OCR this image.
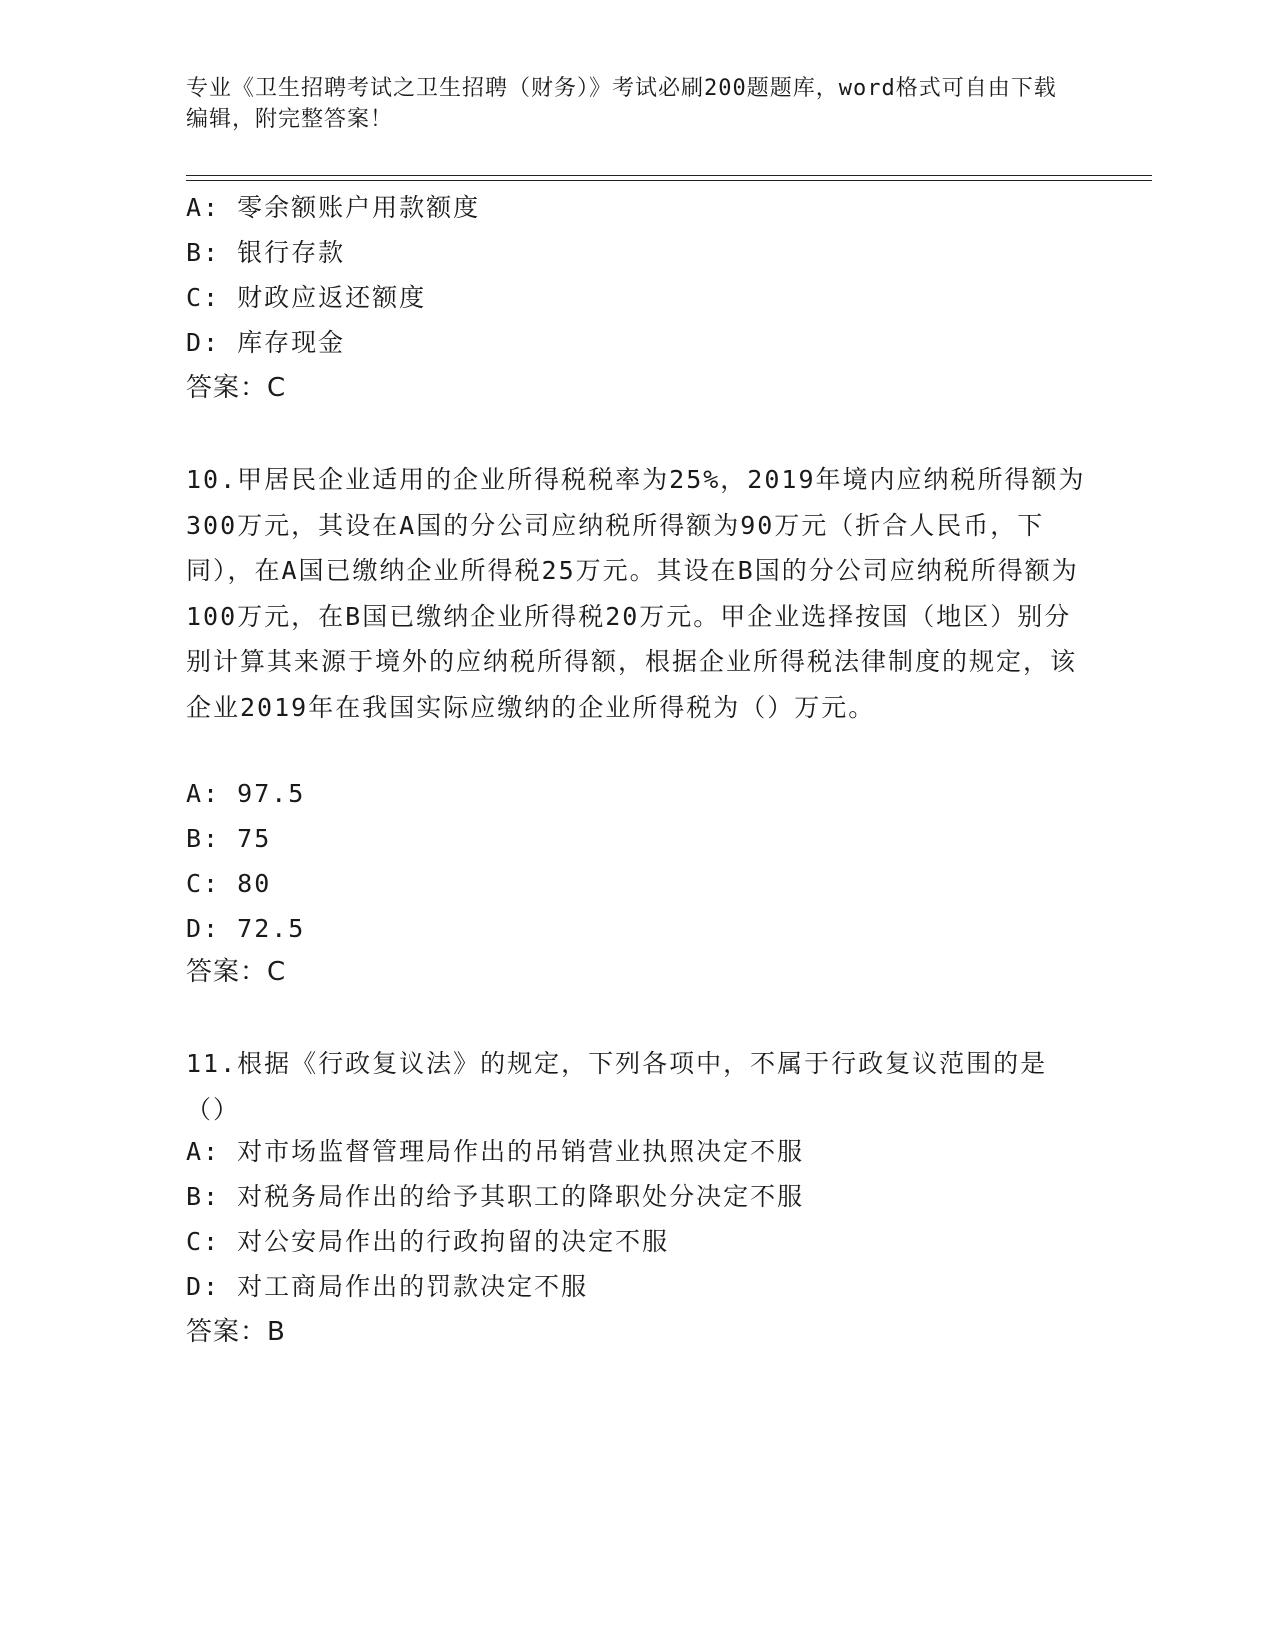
专业《卫生招聘考试之卫生招聘（财务）》考试必刷200题题库，word格式可自由下载编辑，附完整答案！
A: 零余额账户用款额度
B: 银行存款
C: 财政应返还额度
D: 库存现金
答案：C
10.甲居民企业适用的企业所得税税率为25%，2019年境内应纳税所得额为300万元，其设在A国的分公司应纳税所得额为90万元（折合人民币，下同），在A国已缴纳企业所得税25万元。其设在B国的分公司应纳税所得额为100万元，在B国已缴纳企业所得税20万元。甲企业选择按国（地区）别分别计算其来源于境外的应纳税所得额，根据企业所得税法律制度的规定，该企业2019年在我国实际应缴纳的企业所得税为（）万元。
A: 97.5
B: 75
C: 80
D: 72.5
答案：C
11.根据《行政复议法》的规定，下列各项中，不属于行政复议范围的是（）
A: 对市场监督管理局作出的吊销营业执照决定不服
B: 对税务局作出的给予其职工的降职处分决定不服
C: 对公安局作出的行政拘留的决定不服
D: 对工商局作出的罚款决定不服
答案：B
